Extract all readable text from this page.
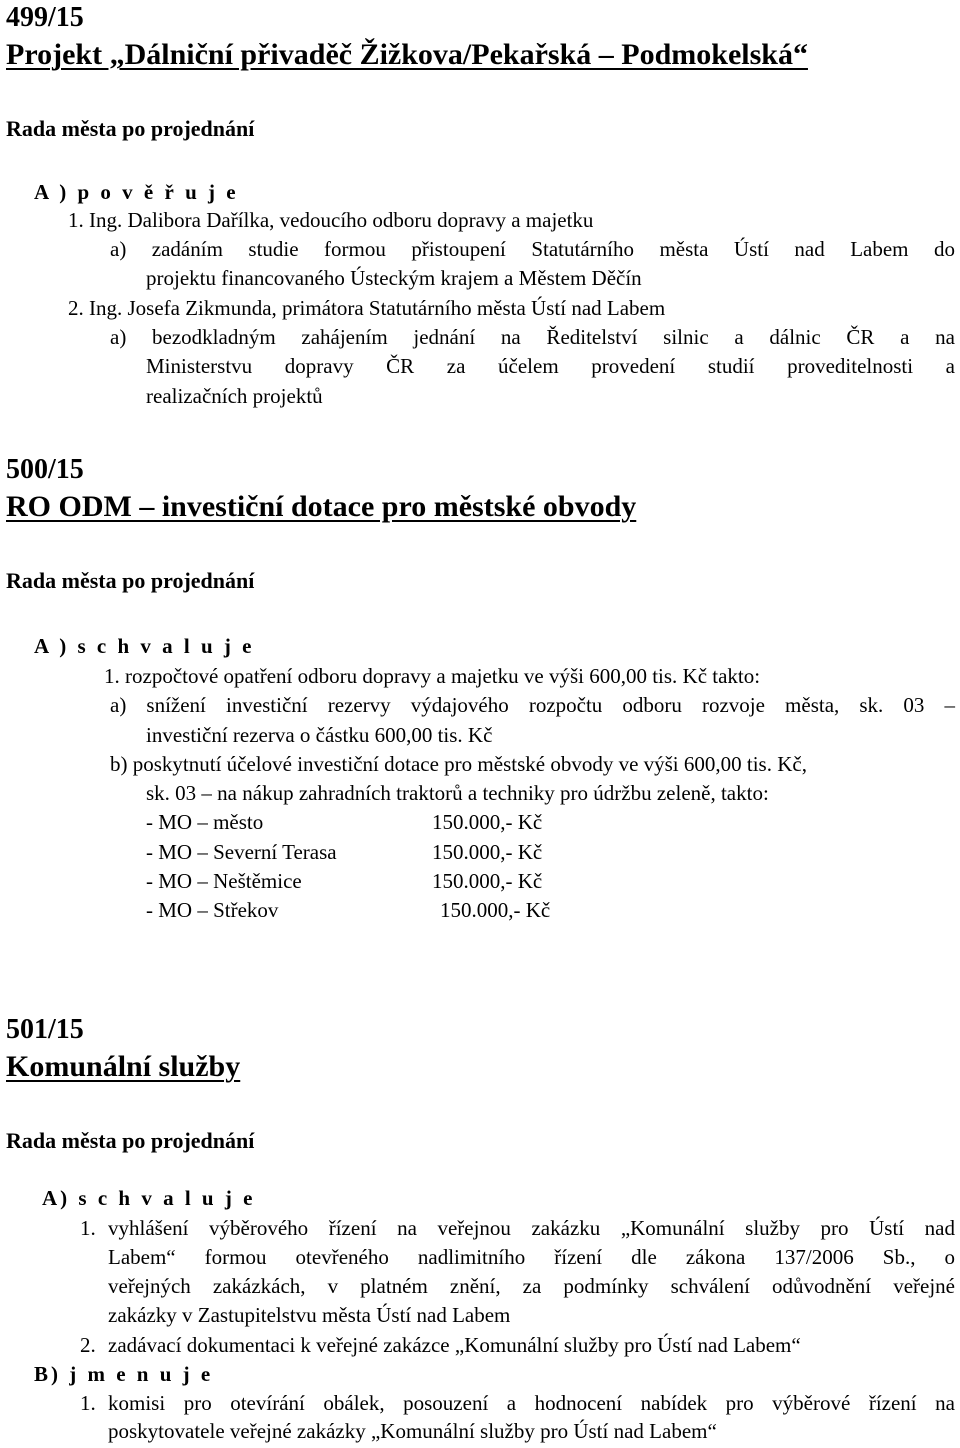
499/15
Projekt „Dálniční přivaděč Žižkova/Pekařská – Podmokelská“
Rada města po projednání
A ) p o v ě ř u j e
1. Ing. Dalibora Dařílka, vedoucího odboru dopravy a majetku
a) zadáním studie formou přistoupení Statutárního města Ústí nad Labem do
projektu financovaného Ústeckým krajem a Městem Děčín
2. Ing. Josefa Zikmunda, primátora Statutárního města Ústí nad Labem
a) bezodkladným zahájením jednání na Ředitelství silnic a dálnic ČR a na
Ministerstvu dopravy ČR za účelem provedení studií proveditelnosti a
realizačních projektů
500/15
RO ODM – investiční dotace pro městské obvody
Rada města po projednání
A ) s c h v a l u j e
1. rozpočtové opatření odboru dopravy a majetku ve výši 600,00 tis. Kč takto:
a) snížení investiční rezervy výdajového rozpočtu odboru rozvoje města, sk. 03 –
investiční rezerva o částku 600,00 tis. Kč
b) poskytnutí účelové investiční dotace pro městské obvody ve výši 600,00 tis. Kč,
sk. 03 – na nákup zahradních traktorů a techniky pro údržbu zeleně, takto:
- MO – město	150.000,- Kč
- MO – Severní Terasa	150.000,- Kč
- MO – Neštěmice	150.000,- Kč
- MO – Střekov	150.000,- Kč
501/15
Komunální služby
Rada města po projednání
A) s c h v a l u j e
1. vyhlášení výběrového řízení na veřejnou zakázku „Komunální služby pro Ústí nad
Labem“ formou otevřeného nadlimitního řízení dle zákona 137/2006 Sb., o
veřejných zakázkách, v platném znění, za podmínky schválení odůvodnění veřejné
zakázky v Zastupitelstvu města Ústí nad Labem
2. zadávací dokumentaci k veřejné zakázce „Komunální služby pro Ústí nad Labem“
B) j m e n u j e
1. komisi pro otevírání obálek, posouzení a hodnocení nabídek pro výběrové řízení na
poskytovatele veřejné zakázky „Komunální služby pro Ústí nad Labem“
